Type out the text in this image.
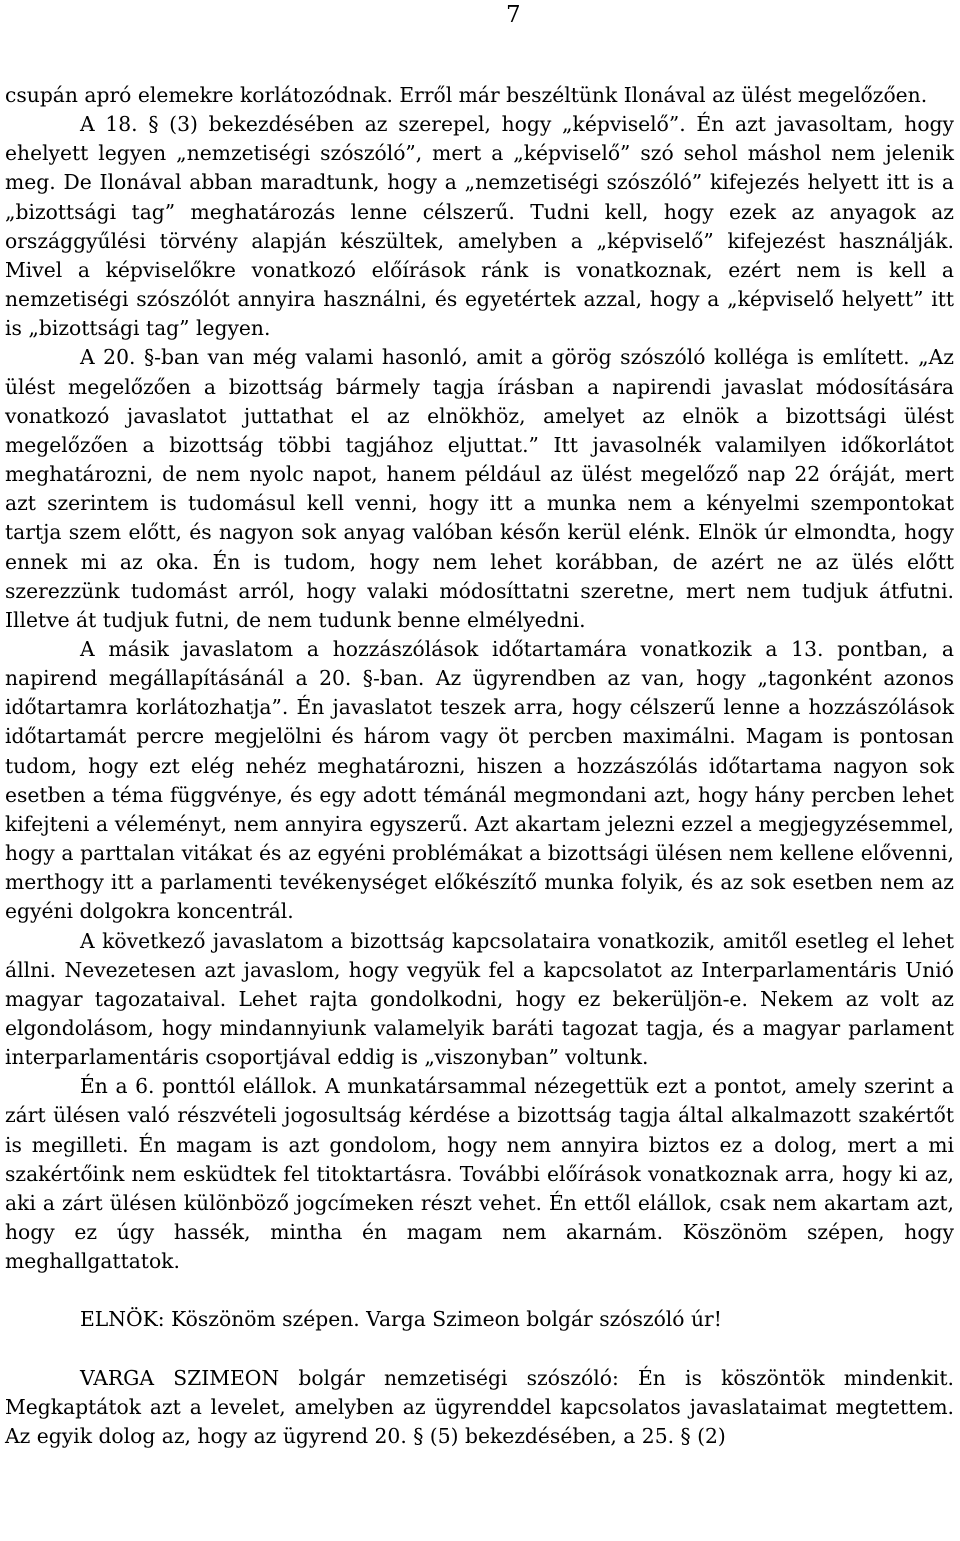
7

csupán apró elemekre korlátozódnak. Erről már beszéltünk Ilonával az ülést megelőzően.

A 18. § (3) bekezdésében az szerepel, hogy „képviselő”. Én azt javasoltam, hogy ehelyett legyen „nemzetiségi szószóló”, mert a „képviselő” szó sehol máshol nem jelenik meg. De Ilonával abban maradtunk, hogy a „nemzetiségi szószóló” kifejezés helyett itt is a „bizottsági tag” meghatározás lenne célszerű. Tudni kell, hogy ezek az anyagok az országgyűlési törvény alapján készültek, amelyben a „képviselő” kifejezést használják. Mivel a képviselőkre vonatkozó előírások ránk is vonatkoznak, ezért nem is kell a nemzetiségi szószólót annyira használni, és egyetértek azzal, hogy a „képviselő helyett” itt is „bizottsági tag” legyen.

A 20. §-ban van még valami hasonló, amit a görög szószóló kolléga is említett. „Az ülést megelőzően a bizottság bármely tagja írásban a napirendi javaslat módosítására vonatkozó javaslatot juttathat el az elnökhöz, amelyet az elnök a bizottsági ülést megelőzően a bizottság többi tagjához eljuttat.” Itt javasolnék valamilyen időkorlátot meghatározni, de nem nyolc napot, hanem például az ülést megelőző nap 22 óráját, mert azt szerintem is tudomásul kell venni, hogy itt a munka nem a kényelmi szempontokat tartja szem előtt, és nagyon sok anyag valóban későn kerül elénk. Elnök úr elmondta, hogy ennek mi az oka. Én is tudom, hogy nem lehet korábban, de azért ne az ülés előtt szerezzünk tudomást arról, hogy valaki módosíttatni szeretne, mert nem tudjuk átfutni. Illetve át tudjuk futni, de nem tudunk benne elmélyedni.

A másik javaslatom a hozzászólások időtartamára vonatkozik a 13. pontban, a napirend megállapításánál a 20. §-ban. Az ügyrendben az van, hogy „tagonként azonos időtartamra korlátozhatja”. Én javaslatot teszek arra, hogy célszerű lenne a hozzászólások időtartamát percre megjelölni és három vagy öt percben maximálni. Magam is pontosan tudom, hogy ezt elég nehéz meghatározni, hiszen a hozzászólás időtartama nagyon sok esetben a téma függvénye, és egy adott témánál megmondani azt, hogy hány percben lehet kifejteni a véleményt, nem annyira egyszerű. Azt akartam jelezni ezzel a megjegyzésemmel, hogy a parttalan vitákat és az egyéni problémákat a bizottsági ülésen nem kellene elővenni, merthogy itt a parlamenti tevékenységet előkészítő munka folyik, és az sok esetben nem az egyéni dolgokra koncentrál.

A következő javaslatom a bizottság kapcsolataira vonatkozik, amitől esetleg el lehet állni. Nevezetesen azt javaslom, hogy vegyük fel a kapcsolatot az Interparlamentáris Unió magyar tagozataival. Lehet rajta gondolkodni, hogy ez bekerüljön-e. Nekem az volt az elgondolásom, hogy mindannyiunk valamelyik baráti tagozat tagja, és a magyar parlament interparlamentáris csoportjával eddig is „viszonyban” voltunk.

Én a 6. ponttól elállok. A munkatársammal nézegettük ezt a pontot, amely szerint a zárt ülésen való részvételi jogosultság kérdése a bizottság tagja által alkalmazott szakértőt is megilleti. Én magam is azt gondolom, hogy nem annyira biztos ez a dolog, mert a mi szakértőink nem esküdtek fel titoktartásra. További előírások vonatkoznak arra, hogy ki az, aki a zárt ülésen különböző jogcímeken részt vehet. Én ettől elállok, csak nem akartam azt, hogy ez úgy hassék, mintha én magam nem akarnám. Köszönöm szépen, hogy meghallgattatok.

ELNÖK: Köszönöm szépen. Varga Szimeon bolgár szószóló úr!

VARGA SZIMEON bolgár nemzetiségi szószóló: Én is köszöntök mindenkit. Megkaptátok azt a levelet, amelyben az ügyrenddel kapcsolatos javaslataimat megtettem. Az egyik dolog az, hogy az ügyrend 20. § (5) bekezdésében, a 25. § (2)
